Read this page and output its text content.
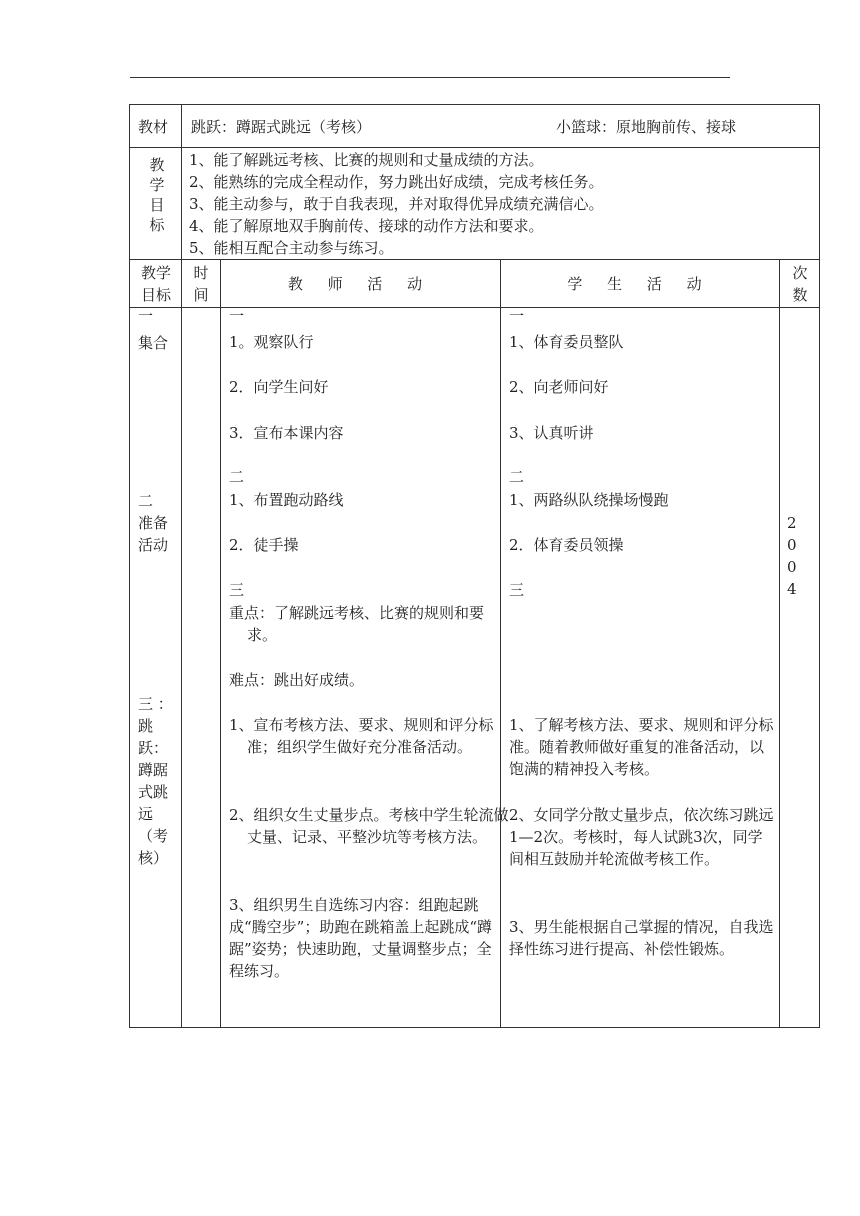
教材 跳跃：蹲踞式跳远（考核）	小篮球：原地胸前传、接球
教学目标
1、能了解跳远考核、比赛的规则和丈量成绩的方法。
2、能熟练的完成全程动作，努力跳出好成绩，完成考核任务。
3、能主动参与，敢于自我表现，并对取得优异成绩充满信心。
4、能了解原地双手胸前传、接球的动作方法和要求。
5、能相互配合主动参与练习。
教学目标
时间
教 师 活 动	学 生 活 动
次数
一
集合
二
准备
活动
三 ：
跳跃：蹲踞式跳远（考核）
2004
一
1。观察队行
2．向学生问好
3．宣布本课内容
二
1、布置跑动路线
2．徒手操
三
重点：了解跳远考核、比赛的规则和要求。
难点：跳出好成绩。
1、宣布考核方法、要求、规则和评分标准；组织学生做好充分准备活动。
2、组织女生丈量步点。考核中学生轮流做丈量、记录、平整沙坑等考核方法。
3、组织男生自选练习内容：组跑起跳成“腾空步”；助跑在跳箱盖上起跳成“蹲踞”姿势；快速助跑，丈量调整步点；全程练习。
一
1、体育委员整队
2、向老师问好
3、认真听讲
二
1、两路纵队绕操场慢跑
2．体育委员领操
三
1、了解考核方法、要求、规则和评分标准。随着教师做好重复的准备活动，以饱满的精神投入考核。
2、女同学分散丈量步点，依次练习跳远1—2次。考核时，每人试跳3次，同学间相互鼓励并轮流做考核工作。
3、男生能根据自己掌握的情况，自我选择性练习进行提高、补偿性锻炼。
